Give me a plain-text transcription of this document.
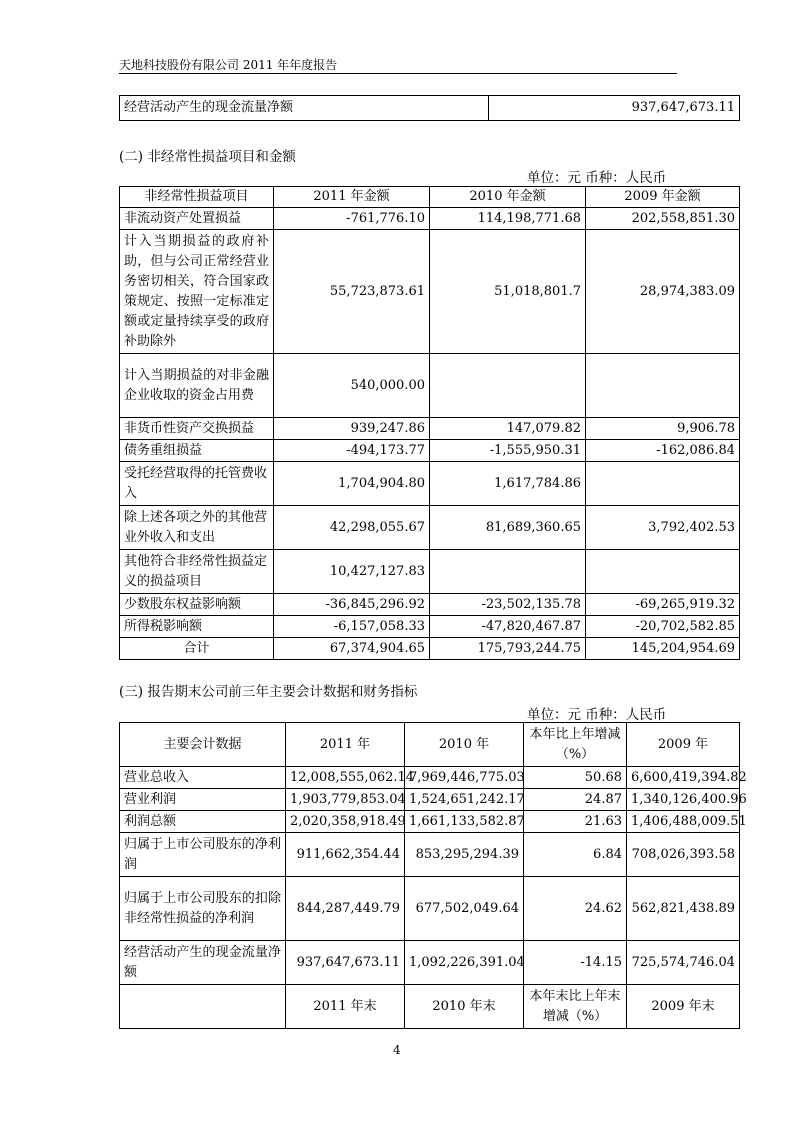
天地科技股份有限公司 2011 年年度报告
经营活动产生的现金流量净额	937,647,673.11
(二) 非经常性损益项目和金额
单位：元 币种：人民币
非经常性损益项目	2011 年金额	2010 年金额	2009 年金额
非流动资产处置损益	-761,776.10	114,198,771.68	202,558,851.30
计入当期损益的政府补助，但与公司正常经营业务密切相关，符合国家政策规定、按照一定标准定额或定量持续享受的政府补助除外	55,723,873.61	51,018,801.7	28,974,383.09
计入当期损益的对非金融企业收取的资金占用费	540,000.00		
非货币性资产交换损益	939,247.86	147,079.82	9,906.78
债务重组损益	-494,173.77	-1,555,950.31	-162,086.84
受托经营取得的托管费收入	1,704,904.80	1,617,784.86	
除上述各项之外的其他营业外收入和支出	42,298,055.67	81,689,360.65	3,792,402.53
其他符合非经常性损益定义的损益项目	10,427,127.83		
少数股东权益影响额	-36,845,296.92	-23,502,135.78	-69,265,919.32
所得税影响额	-6,157,058.33	-47,820,467.87	-20,702,582.85
合计	67,374,904.65	175,793,244.75	145,204,954.69
(三) 报告期末公司前三年主要会计数据和财务指标
单位：元 币种：人民币
主要会计数据	2011 年	2010 年	本年比上年增减（%）	2009 年
营业总收入	12,008,555,062.14	7,969,446,775.03	50.68	6,600,419,394.82
营业利润	1,903,779,853.04	1,524,651,242.17	24.87	1,340,126,400.96
利润总额	2,020,358,918.49	1,661,133,582.87	21.63	1,406,488,009.51
归属于上市公司股东的净利润	911,662,354.44	853,295,294.39	6.84	708,026,393.58
归属于上市公司股东的扣除非经常性损益的净利润	844,287,449.79	677,502,049.64	24.62	562,821,438.89
经营活动产生的现金流量净额	937,647,673.11	1,092,226,391.04	-14.15	725,574,746.04
	2011 年末	2010 年末	本年末比上年末增减（%）	2009 年末
4
